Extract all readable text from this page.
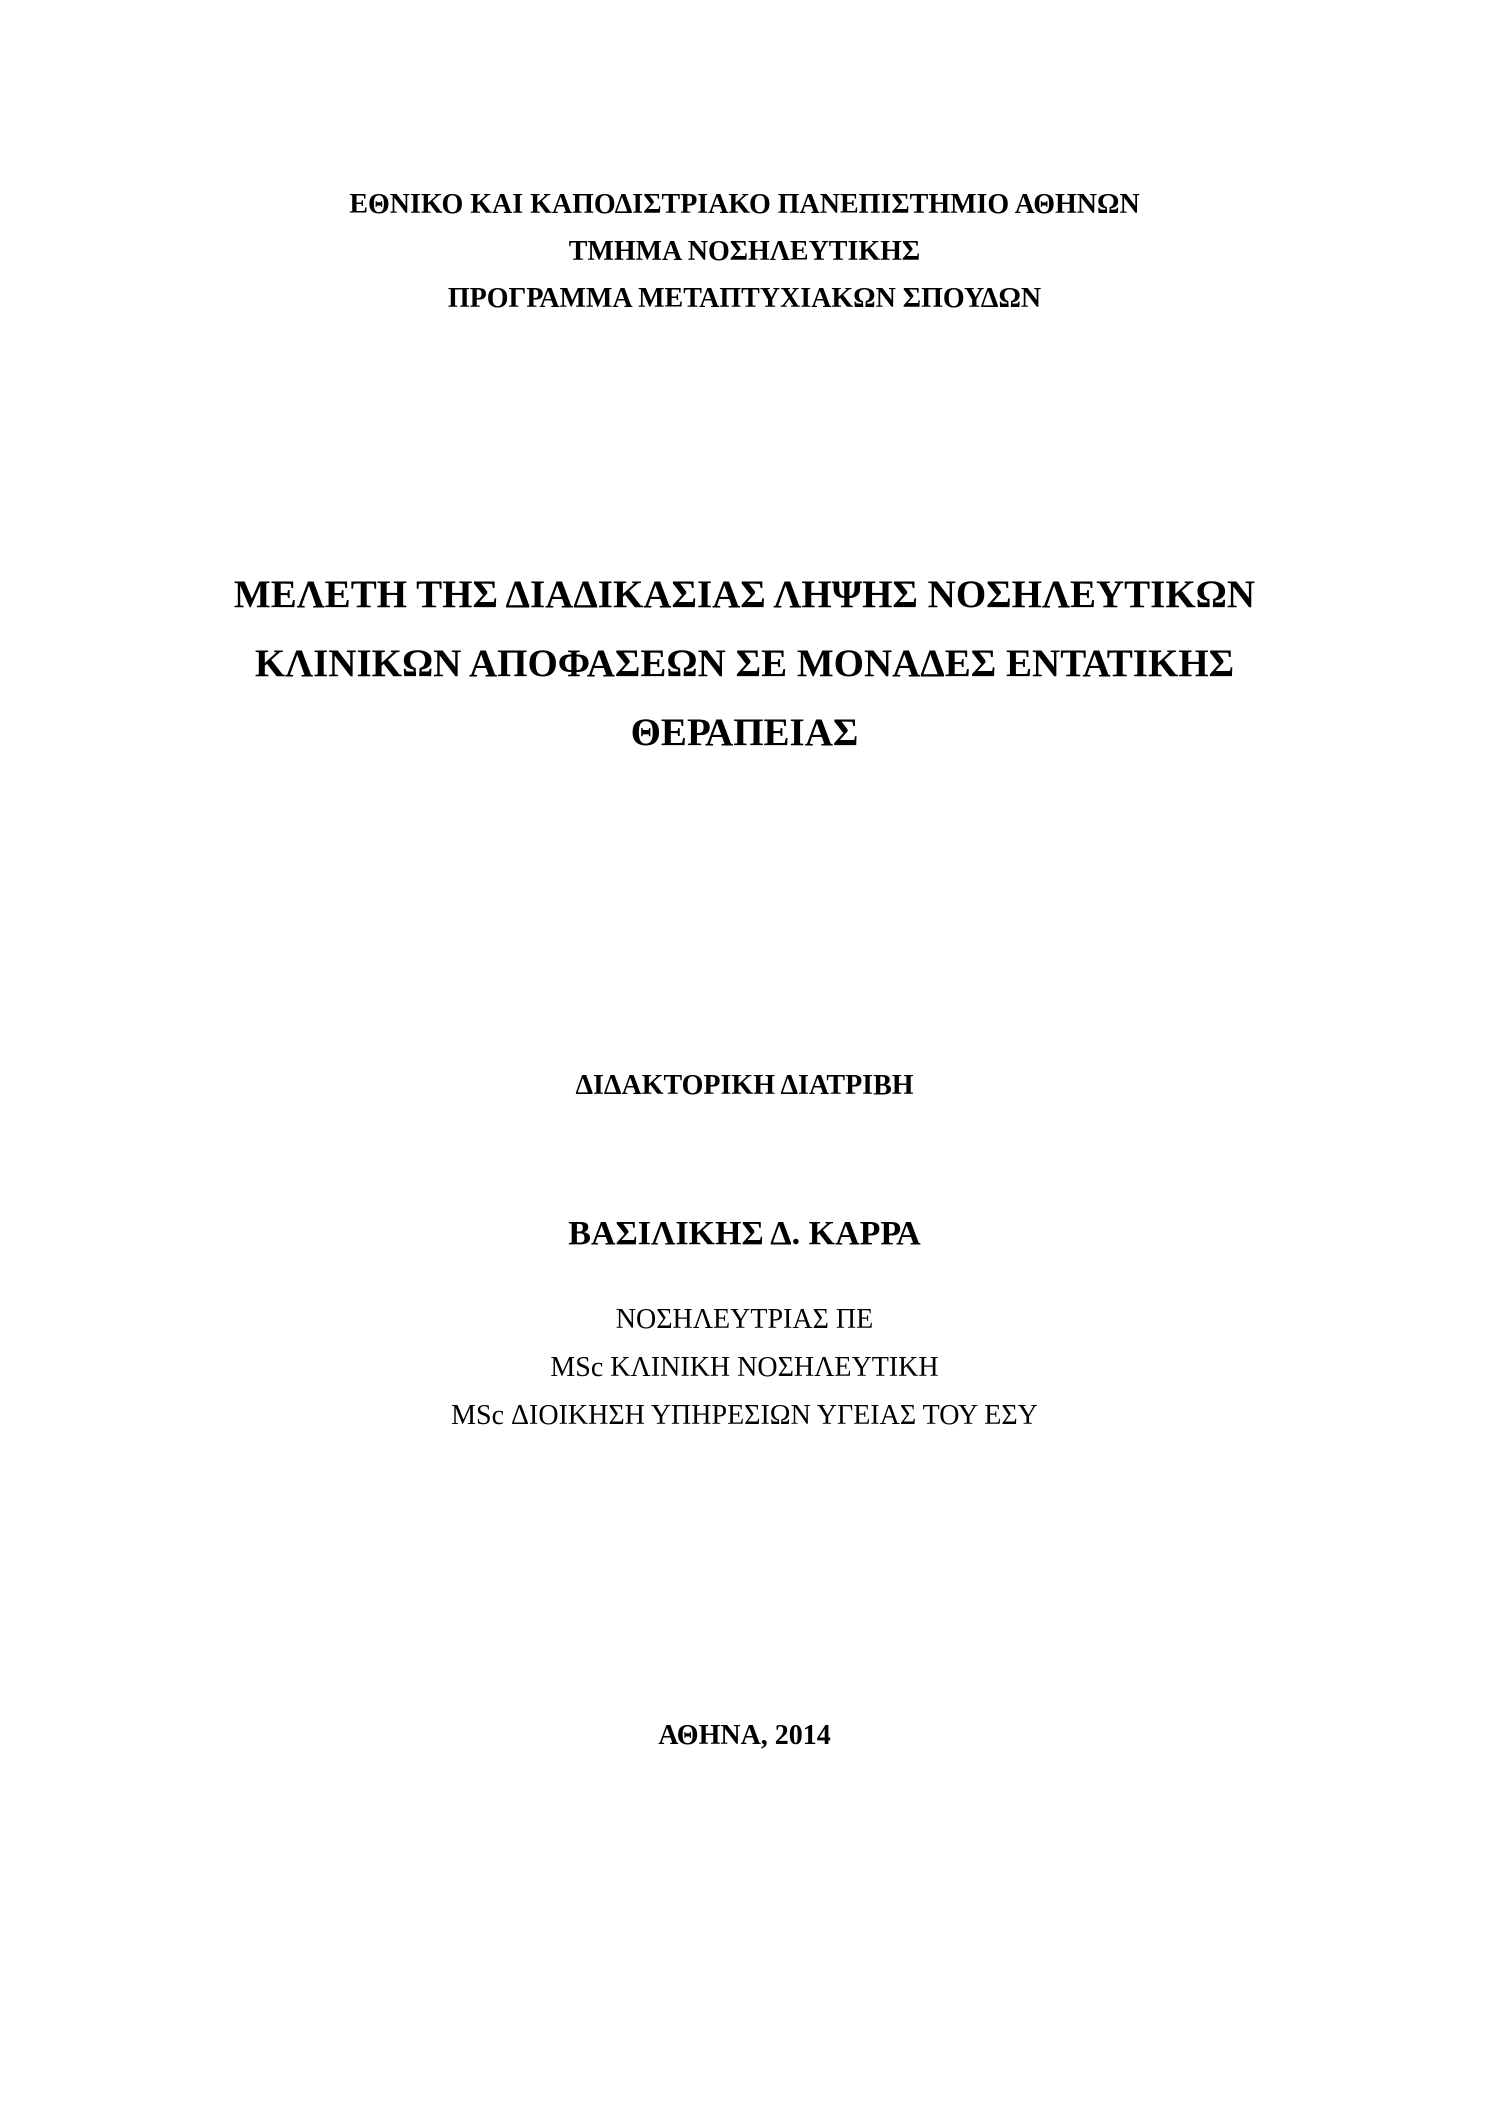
ΕΘΝΙΚΟ ΚΑΙ ΚΑΠΟΔΙΣΤΡΙΑΚΟ ΠΑΝΕΠΙΣΤΗΜΙΟ ΑΘΗΝΩΝ
ΤΜΗΜΑ ΝΟΣΗΛΕΥΤΙΚΗΣ
ΠΡΟΓΡΑΜΜΑ ΜΕΤΑΠΤΥΧΙΑΚΩΝ ΣΠΟΥΔΩΝ
ΜΕΛΕΤΗ ΤΗΣ ΔΙΑΔΙΚΑΣΙΑΣ ΛΗΨΗΣ ΝΟΣΗΛΕΥΤΙΚΩΝ
ΚΛΙΝΙΚΩΝ ΑΠΟΦΑΣΕΩΝ ΣΕ ΜΟΝΑΔΕΣ ΕΝΤΑΤΙΚΗΣ
ΘΕΡΑΠΕΙΑΣ
ΔΙΔΑΚΤΟΡΙΚΗ ΔΙΑΤΡΙΒΗ
ΒΑΣΙΛΙΚΗΣ Δ. ΚΑΡΡΑ
ΝΟΣΗΛΕΥΤΡΙΑΣ ΠΕ
MSc ΚΛΙΝΙΚΗ ΝΟΣΗΛΕΥΤΙΚΗ
MSc ΔΙΟΙΚΗΣΗ ΥΠΗΡΕΣΙΩΝ ΥΓΕΙΑΣ ΤΟΥ ΕΣΥ
ΑΘΗΝΑ, 2014
